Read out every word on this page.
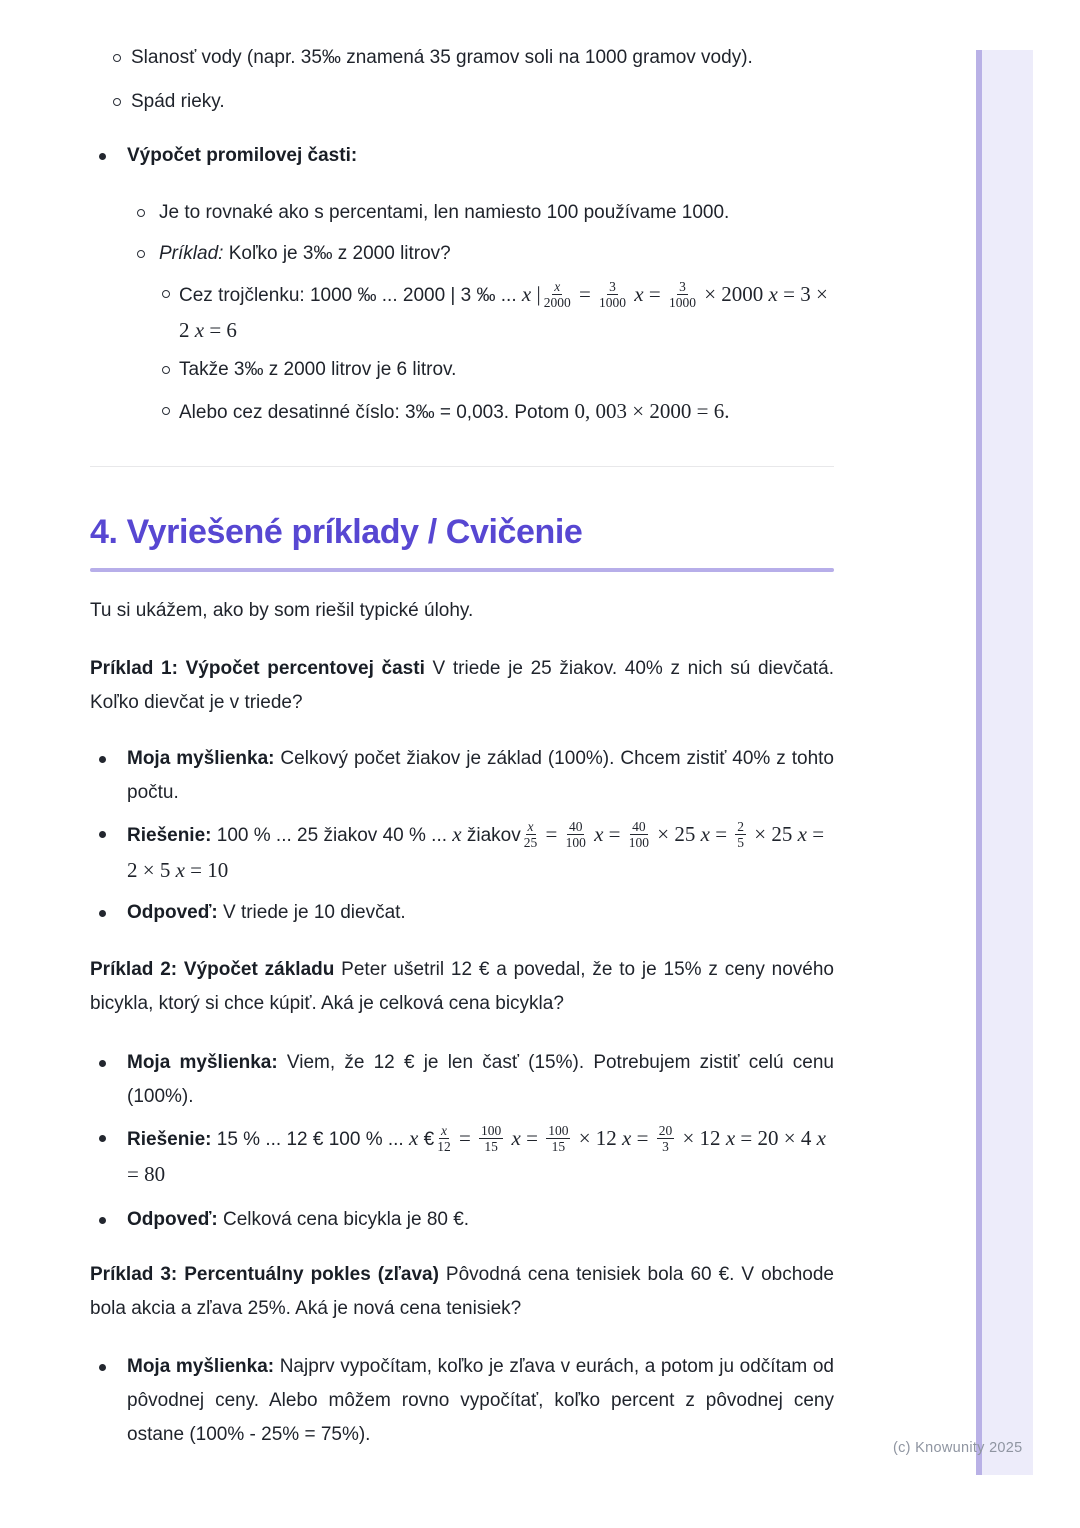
Slanosť vody (napr. 35‰ znamená 35 gramov soli na 1000 gramov vody).
Spád rieky.
Výpočet promilovej časti:
Je to rovnaké ako s percentami, len namiesto 100 používame 1000.
Príklad: Koľko je 3‰ z 2000 litrov?
Cez trojčlenku: 1000 ‰ ... 2000 | 3 ‰ ... x | $\frac{x}{2000} = \frac{3}{1000}$ $x = \frac{3}{1000} \times 2000$ x = 3 × 2 x = 6
Takže 3‰ z 2000 litrov je 6 litrov.
Alebo cez desatinné číslo: 3‰ = 0,003. Potom 0, 003 × 2000 = 6.
4. Vyriešené príklady / Cvičenie

Tu si ukážem, ako by som riešil typické úlohy.

Príklad 1: Výpočet percentovej časti V triede je 25 žiakov. 40% z nich sú dievčatá. Koľko dievčat je v triede?

Moja myšlienka: Celkový počet žiakov je základ (100%). Chcem zistiť 40% z tohto počtu.
Riešenie: 100 % ... 25 žiakov 40 % ... x žiakov $\frac{x}{25} = \frac{40}{100}$ $x = \frac{40}{100} \times 25$ $x = \frac{2}{5} \times 25$ x = 2 × 5 x = 10
Odpoveď: V triede je 10 dievčat.

Príklad 2: Výpočet základu Peter ušetril 12 € a povedal, že to je 15% z ceny nového bicykla, ktorý si chce kúpiť. Aká je celková cena bicykla?

Moja myšlienka: Viem, že 12 € je len časť (15%). Potrebujem zistiť celú cenu (100%).
Riešenie: 15 % ... 12 € 100 % ... x € $\frac{x}{12} = \frac{100}{15}$ $x = \frac{100}{15} \times 12$ $x = \frac{20}{3} \times 12$ x = 20 × 4 x = 80
Odpoveď: Celková cena bicykla je 80 €.

Príklad 3: Percentuálny pokles (zľava) Pôvodná cena tenisiek bola 60 €. V obchode bola akcia a zľava 25%. Aká je nová cena tenisiek?

Moja myšlienka: Najprv vypočítam, koľko je zľava v eurách, a potom ju odčítam od pôvodnej ceny. Alebo môžem rovno vypočítať, koľko percent z pôvodnej ceny ostane (100% - 25% = 75%).
(c) Knowunity 2025
